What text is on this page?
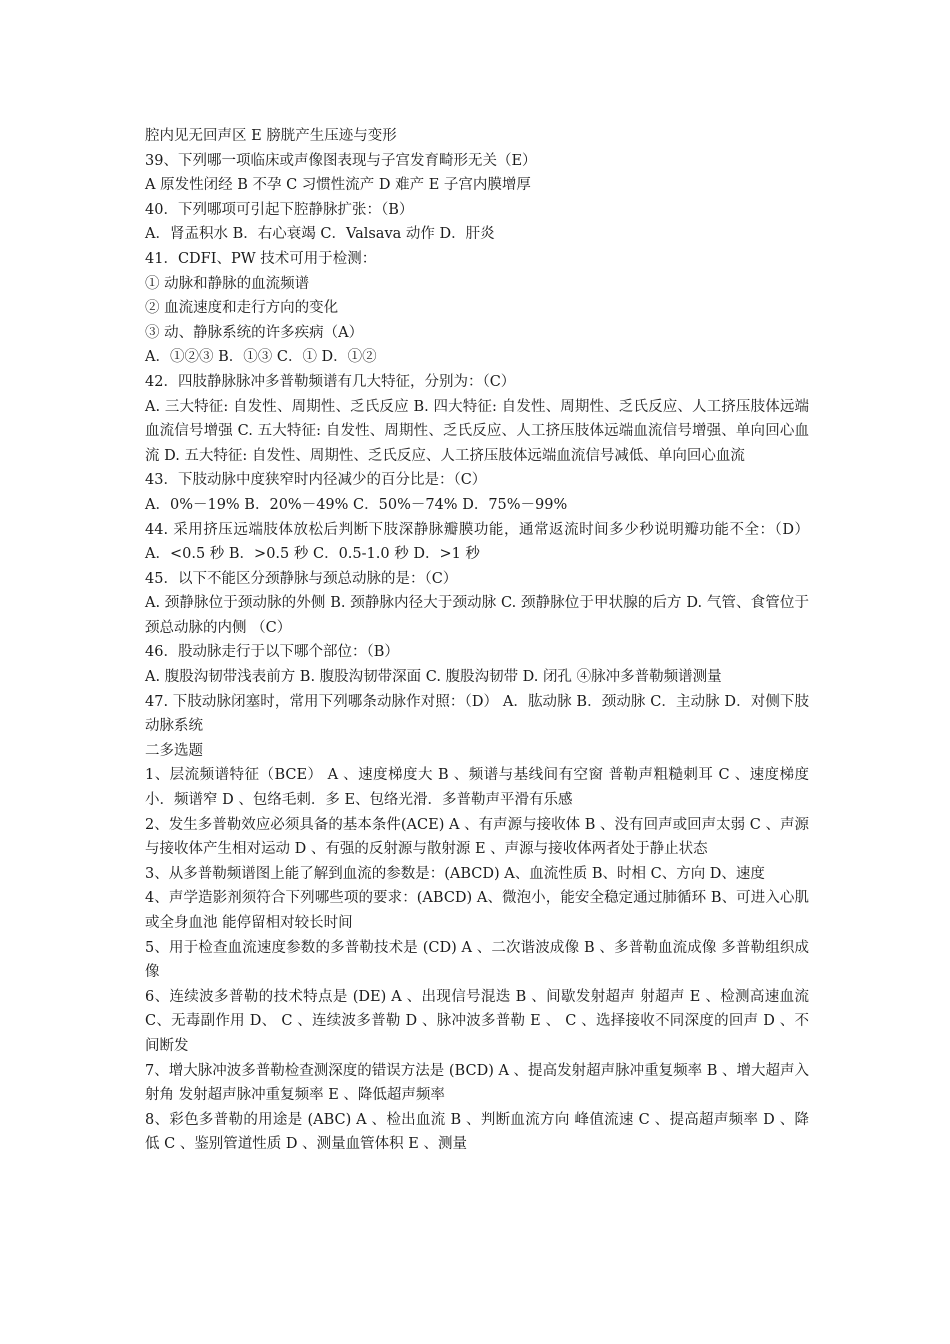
腔内见无回声区 E 膀胱产生压迹与变形

39、下列哪一项临床或声像图表现与子宫发育畸形无关（E）

A 原发性闭经 B 不孕 C 习惯性流产 D 难产 E 子宫内膜增厚

40．下列哪项可引起下腔静脉扩张：（B）

A．肾盂积水 B．右心衰竭 C．Valsava 动作 D．肝炎

41．CDFI、PW 技术可用于检测：

① 动脉和静脉的血流频谱

② 血流速度和走行方向的变化

③ 动、静脉系统的许多疾病（A）

A．①②③ B．①③ C．① D．①②

42．四肢静脉脉冲多普勒频谱有几大特征，分别为：（C）

A. 三大特征: 自发性、周期性、乏氏反应 B. 四大特征: 自发性、周期性、乏氏反应、人工挤压肢体远端血流信号增强 C. 五大特征: 自发性、周期性、乏氏反应、人工挤压肢体远端血流信号增强、单向回心血 流 D. 五大特征: 自发性、周期性、乏氏反应、人工挤压肢体远端血流信号减低、单向回心血流

43．下肢动脉中度狭窄时内径减少的百分比是：（C）

A．0%－19% B．20%－49% C．50%－74% D．75%－99%

44. 采用挤压远端肢体放松后判断下肢深静脉瓣膜功能，通常返流时间多少秒说明瓣功能不全：（D） A．<0.5 秒 B．>0.5 秒 C．0.5-1.0 秒 D．>1 秒

45．以下不能区分颈静脉与颈总动脉的是：（C）

A. 颈静脉位于颈动脉的外侧 B. 颈静脉内径大于颈动脉 C. 颈静脉位于甲状腺的后方 D. 气管、食管位于颈总动脉的内侧 （C）

46．股动脉走行于以下哪个部位：（B）

A. 腹股沟韧带浅表前方 B. 腹股沟韧带深面 C. 腹股沟韧带 D. 闭孔 ④脉冲多普勒频谱测量

47. 下肢动脉闭塞时，常用下列哪条动脉作对照：（D） A．肱动脉 B．颈动脉 C．主动脉 D．对侧下肢动脉系统

二多选题

1、层流频谱特征（BCE） A 、速度梯度大 B 、频谱与基线间有空窗 普勒声粗糙刺耳 C 、速度梯度小．频谱窄 D 、包络毛刺．多 E、包络光滑．多普勒声平滑有乐感

2、发生多普勒效应必须具备的基本条件(ACE) A 、有声源与接收体 B 、没有回声或回声太弱 C 、声源与接收体产生相对运动 D 、有强的反射源与散射源 E 、声源与接收体两者处于静止状态

3、从多普勒频谱图上能了解到血流的参数是：(ABCD) A、血流性质 B、时相 C、方向 D、速度

4、声学造影剂须符合下列哪些项的要求：(ABCD) A、微泡小，能安全稳定通过肺循环 B、可进入心肌或全身血池 能停留相对较长时间

5、用于检查血流速度参数的多普勒技术是 (CD) A 、二次谐波成像 B 、多普勒血流成像 多普勒组织成像

6、连续波多普勒的技术特点是 (DE) A 、出现信号混迭 B 、间歇发射超声 射超声 E 、检测高速血流 C、无毒副作用 D、 C 、连续波多普勒 D 、脉冲波多普勒 E 、 C 、选择接收不同深度的回声 D 、不间断发

7、增大脉冲波多普勒检查测深度的错误方法是 (BCD) A 、提高发射超声脉冲重复频率 B 、增大超声入射角 发射超声脉冲重复频率 E 、降低超声频率

8、彩色多普勒的用途是 (ABC) A 、检出血流 B 、判断血流方向 峰值流速 C 、提高超声频率 D 、降低 C 、鉴别管道性质 D 、测量血管体积 E 、测量
